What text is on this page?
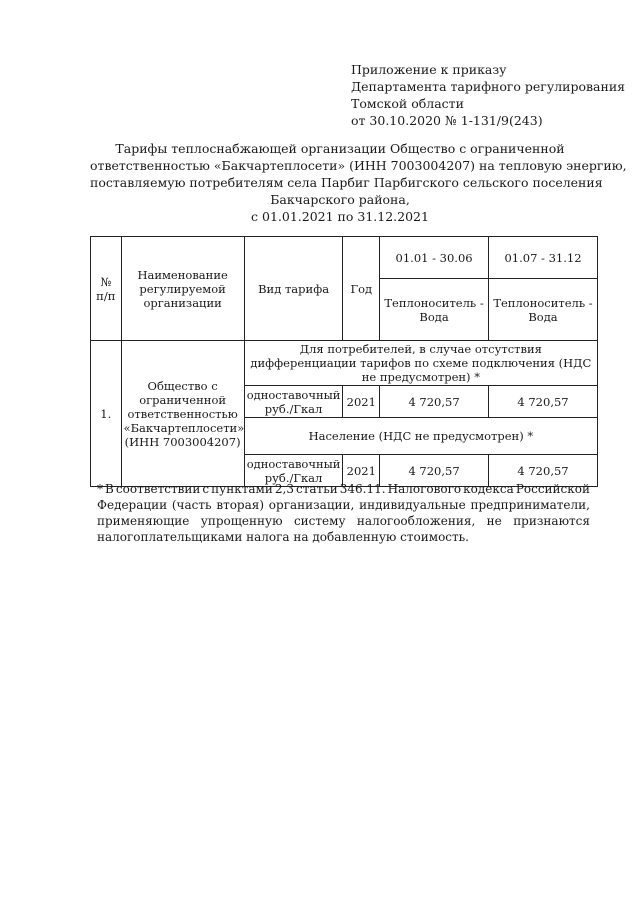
Приложение к приказу
Департамента тарифного регулирования
Томской области
от 30.10.2020 № 1-131/9(243)
Тарифы теплоснабжающей организации Общество с ограниченной
ответственностью «Бакчартеплосети» (ИНН 7003004207) на тепловую энергию,
поставляемую потребителям села Парбиг Парбигского сельского поселения
Бакчарского района,
с 01.01.2021 по 31.12.2021
№ п/п	Наименование регулируемой организации	Вид тарифа	Год	01.01 - 30.06	01.07 - 31.12
				Теплоноситель - Вода	Теплоноситель - Вода
1.	Общество с ограниченной ответственностью «Бакчартеплосети» (ИНН 7003004207)	Для потребителей, в случае отсутствия дифференциации тарифов по схеме подключения (НДС не предусмотрен) *			
		одноставочный руб./Гкал	2021	4 720,57	4 720,57
		Население (НДС не предусмотрен) *			
		одноставочный руб./Гкал	2021	4 720,57	4 720,57
* В соответствии с пунктами 2,3 статьи 346.11. Налогового кодекса Российской
Федерации (часть вторая) организации, индивидуальные предприниматели,
применяющие упрощенную систему налогообложения, не признаются
налогоплательщиками налога на добавленную стоимость.
